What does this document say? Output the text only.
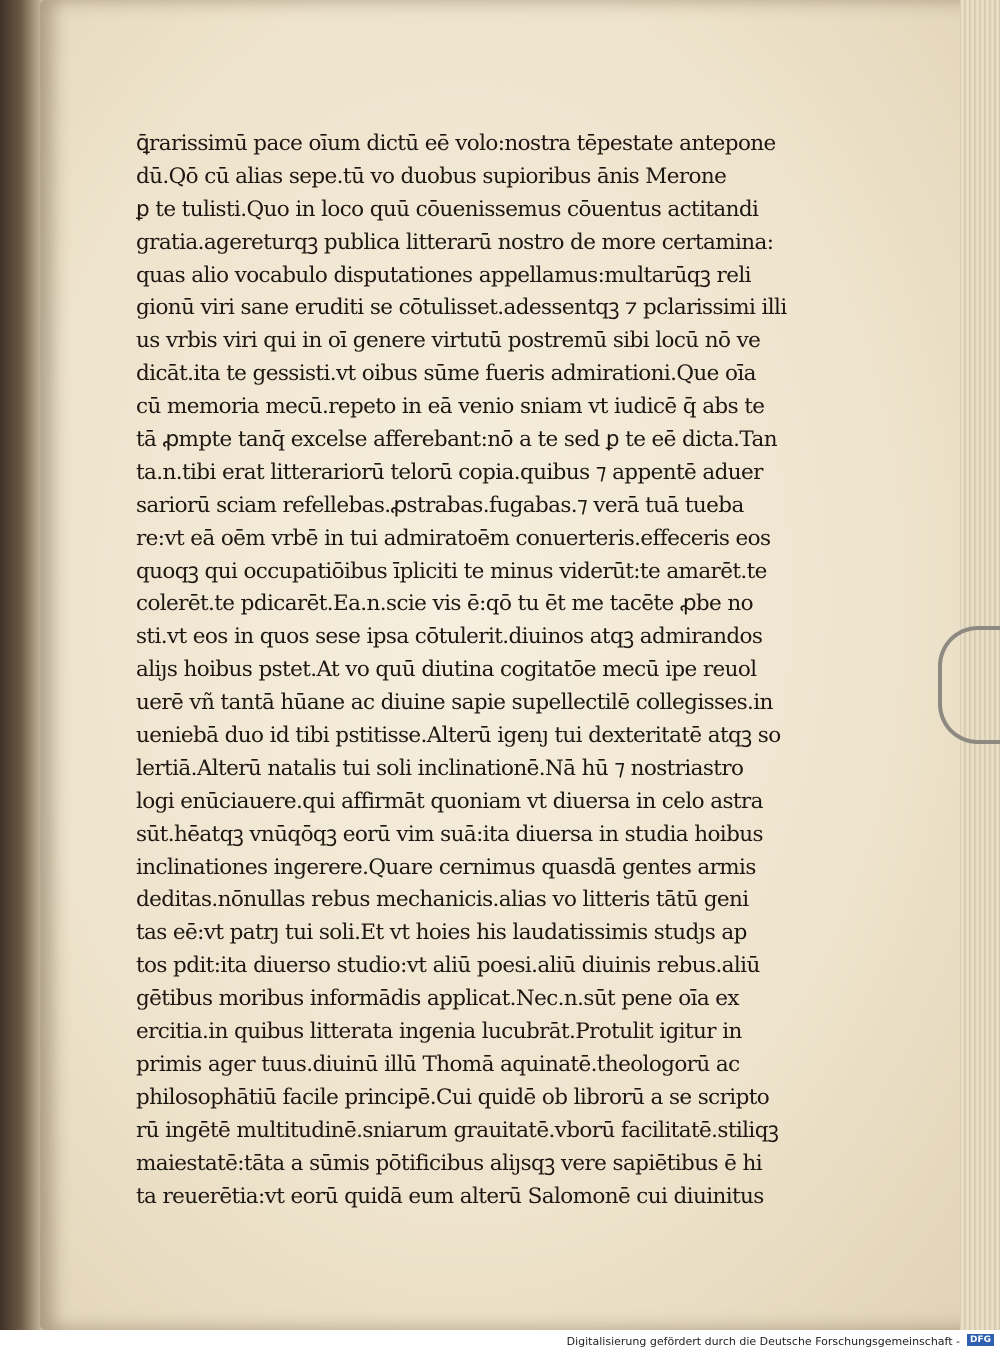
ꝗ̄rarissimū pace oīum dictū eē volo:nostra tēpestate antepone
dū.Qō cū alias sepe.tū vo duobus supioribus ānis Merone
ꝑ te tulisti.Quo in loco quū cōuenissemus cōuentus actitandi
gratia.agereturqꝫ publica litterarū nostro de more certamina:
quas alio vocabulo disputationes appellamus:multarūqꝫ reli
gionū viri sane eruditi se cōtulisset.adessentqꝫ ⁊ pclarissimi illi
us vrbis viri qui in oī genere virtutū postremū sibi locū nō ve
dicāt.ita te gessisti.vt oibus sūme fueris admirationi.Que oīa
cū memoria mecū.repeto in eā venio sniam vt iudicē q̄ abs te
tā ꝓmpte tanq̄ excelse afferebant:nō a te sed ꝑ te eē dicta.Tan
ta.n.tibi erat litterariorū telorū copia.quibus ⁊ appentē aduer
sariorū sciam refellebas.ꝓstrabas.fugabas.⁊ verā tuā tueba
re:vt eā oēm vrbē in tui admiratoēm conuerteris.effeceris eos
quoqꝫ qui occupatiōibus īpliciti te minus viderūt:te amarēt.te
colerēt.te pdicarēt.Ea.n.scie vis ē:qō tu ēt me tacēte ꝓbe no
sti.vt eos in quos sese ipsa cōtulerit.diuinos atqꝫ admirandos
aliȷs hoibus pstet.At vo quū diutina cogitatōe mecū ipe reuol
uerē vñ tantā hūane ac diuine sapie supellectilē collegisses.in
ueniebā duo id tibi pstitisse.Alterū igenȷ tui dexteritatē atqꝫ so
lertiā.Alterū natalis tui soli inclinationē.Nā hū ⁊ nostriastro
logi enūciauere.qui affirmāt quoniam vt diuersa in celo astra
sūt.hēatqꝫ vnūqōqꝫ eorū vim suā:ita diuersa in studia hoibus
inclinationes ingerere.Quare cernimus quasdā gentes armis
deditas.nōnullas rebus mechanicis.alias vo litteris tātū geni
tas eē:vt patrȷ tui soli.Et vt hoies his laudatissimis studȷs ap
tos pdit:ita diuerso studio:vt aliū poesi.aliū diuinis rebus.aliū
gētibus moribus informādis applicat.Nec.n.sūt pene oīa ex
ercitia.in quibus litterata ingenia lucubrāt.Protulit igitur in
primis ager tuus.diuinū illū Thomā aquinatē.theologorū ac
philosophātiū facile principē.Cui quidē ob librorū a se scripto
rū ingētē multitudinē.sniarum grauitatē.vborū facilitatē.stiliqꝫ
maiestatē:tāta a sūmis pōtificibus aliȷsqꝫ vere sapiētibus ē hi
ta reuerētia:vt eorū quidā eum alterū Salomonē cui diuinitus
Digitalisierung gefördert durch die Deutsche Forschungsgemeinschaft -	DFG
